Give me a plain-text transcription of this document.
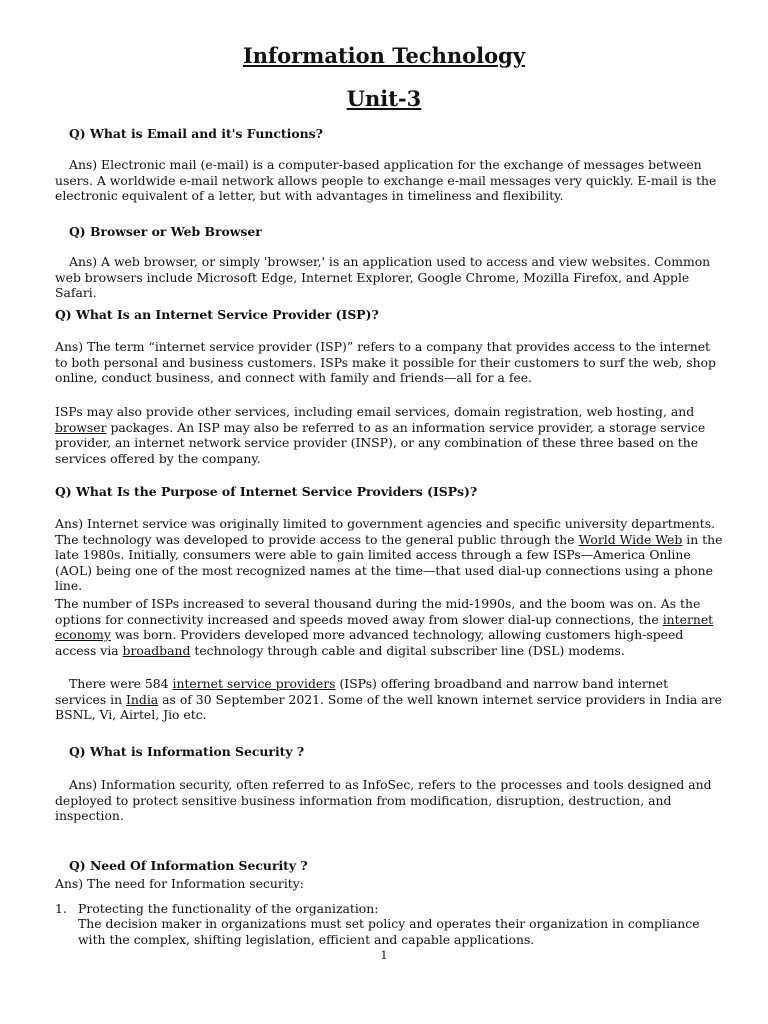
Information Technology
Unit-3

Q) What is Email and it's Functions?

Ans) Electronic mail (e-mail) is a computer-based application for the exchange of messages between users. A worldwide e-mail network allows people to exchange e-mail messages very quickly. E-mail is the electronic equivalent of a letter, but with advantages in timeliness and flexibility.

Q) Browser or Web Browser

Ans) A web browser, or simply 'browser,' is an application used to access and view websites. Common web browsers include Microsoft Edge, Internet Explorer, Google Chrome, Mozilla Firefox, and Apple Safari.

Q) What Is an Internet Service Provider (ISP)?

Ans) The term “internet service provider (ISP)” refers to a company that provides access to the internet to both personal and business customers. ISPs make it possible for their customers to surf the web, shop online, conduct business, and connect with family and friends—all for a fee.

ISPs may also provide other services, including email services, domain registration, web hosting, and browser packages. An ISP may also be referred to as an information service provider, a storage service provider, an internet network service provider (INSP), or any combination of these three based on the services offered by the company.

Q) What Is the Purpose of Internet Service Providers (ISPs)?

Ans) Internet service was originally limited to government agencies and specific university departments. The technology was developed to provide access to the general public through the World Wide Web in the late 1980s. Initially, consumers were able to gain limited access through a few ISPs—America Online (AOL) being one of the most recognized names at the time—that used dial-up connections using a phone line.

The number of ISPs increased to several thousand during the mid-1990s, and the boom was on. As the options for connectivity increased and speeds moved away from slower dial-up connections, the internet economy was born. Providers developed more advanced technology, allowing customers high-speed access via broadband technology through cable and digital subscriber line (DSL) modems.

There were 584 internet service providers (ISPs) offering broadband and narrow band internet services in India as of 30 September 2021. Some of the well known internet service providers in India are BSNL, Vi, Airtel, Jio etc.

Q) What is Information Security ?

Ans) Information security, often referred to as InfoSec, refers to the processes and tools designed and deployed to protect sensitive business information from modification, disruption, destruction, and inspection.

Q) Need Of Information Security ?

Ans) The need for Information security:

1. Protecting the functionality of the organization:

The decision maker in organizations must set policy and operates their organization in compliance with the complex, shifting legislation, efficient and capable applications.

1
